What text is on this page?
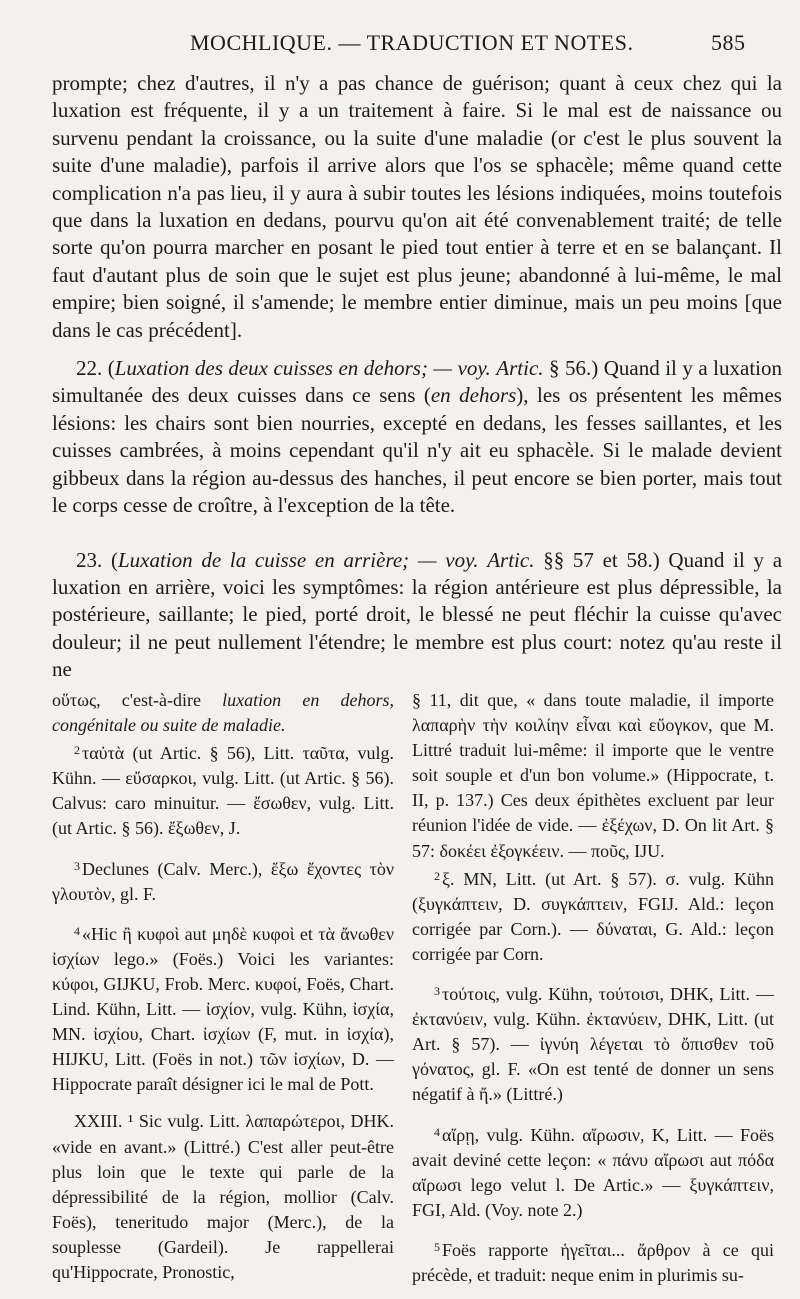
MOCHLIQUE. — TRADUCTION ET NOTES.	585

prompte; chez d'autres, il n'y a pas chance de guérison; quant à ceux chez qui la luxation est fréquente, il y a un traitement à faire. Si le mal est de naissance ou survenu pendant la croissance, ou la suite d'une maladie (or c'est le plus souvent la suite d'une maladie), parfois il arrive alors que l'os se sphacèle; même quand cette complication n'a pas lieu, il y aura à subir toutes les lésions indiquées, moins toutefois que dans la luxation en dedans, pourvu qu'on ait été convenablement traité; de telle sorte qu'on pourra marcher en posant le pied tout entier à terre et en se balançant. Il faut d'autant plus de soin que le sujet est plus jeune; abandonné à lui-même, le mal empire; bien soigné, il s'amende; le membre entier diminue, mais un peu moins [que dans le cas précédent].

22. (Luxation des deux cuisses en dehors; — voy. Artic. § 56.) Quand il y a luxation simultanée des deux cuisses dans ce sens (en dehors), les os présentent les mêmes lésions: les chairs sont bien nourries, excepté en dedans, les fesses saillantes, et les cuisses cambrées, à moins cependant qu'il n'y ait eu sphacèle. Si le malade devient gibbeux dans la région au-dessus des hanches, il peut encore se bien porter, mais tout le corps cesse de croître, à l'exception de la tête.

23. (Luxation de la cuisse en arrière; — voy. Artic. §§ 57 et 58.) Quand il y a luxation en arrière, voici les symptômes: la région antérieure est plus dépressible, la postérieure, saillante; le pied, porté droit, le blessé ne peut fléchir la cuisse qu'avec douleur; il ne peut nullement l'étendre; le membre est plus court: notez qu'au reste il ne

οὕτως, c'est-à-dire luxation en dehors, congénitale ou suite de maladie.

$^2$ ταὐτὰ (ut Artic. § 56), Litt. ταῦτα, vulg. Kühn. — εὔσαρκοι, vulg. Litt. (ut Artic. § 56). Calvus: caro minuitur. — ἔσωθεν, vulg. Litt. (ut Artic. § 56). ἔξωθεν, J.

$^3$ Declunes (Calv. Merc.), ἔξω ἔχοντες τὸν γλουτὸν, gl. F.

$^4$ «Hic ἢ κυφοὶ aut μηδὲ κυφοὶ et τὰ ἄνωθεν ἰσχίων lego.» (Foës.) Voici les variantes: κύφοι, GIJKU, Frob. Merc. κυφοί, Foës, Chart. Lind. Kühn, Litt. — ἰσχίον, vulg. Kühn, ἰσχία, MN. ἰσχίου, Chart. ἰσχίων (F, mut. in ἰσχία), HIJKU, Litt. (Foës in not.) τῶν ἰσχίων, D. — Hippocrate paraît désigner ici le mal de Pott.

XXIII. ¹ Sic vulg. Litt. λαπαρώτεροι, DHK. «vide en avant.» (Littré.) C'est aller peut-être plus loin que le texte qui parle de la dépressibilité de la région, mollior (Calv. Foës), teneritudo major (Merc.), de la souplesse (Gardeil). Je rappellerai qu'Hippocrate, Pronostic,

§ 11, dit que, « dans toute maladie, il importe λαπαρὴν τὴν κοιλίην εἶναι καὶ εὔογκον, que M. Littré traduit lui-même: il importe que le ventre soit souple et d'un bon volume.» (Hippocrate, t. II, p. 137.) Ces deux épithètes excluent par leur réunion l'idée de vide. — ἐξέχων, D. On lit Art. § 57: δοκέει ἐξογκέειν. — ποῦς, IJU.

$^2$ ξ. MN, Litt. (ut Art. § 57). σ. vulg. Kühn (ξυγκάπτειν, D. συγκάπτειν, FGIJ. Ald.: leçon corrigée par Corn.). — δύναται, G. Ald.: leçon corrigée par Corn.

$^3$ τούτοις, vulg. Kühn, τούτοισι, DHK, Litt. — ἐκτανύειν, vulg. Kühn. ἐκτανύειν, DHK, Litt. (ut Art. § 57). — ἰγνύη λέγεται τὸ ὄπισθεν τοῦ γόνατος, gl. F. «On est tenté de donner un sens négatif à ἤ.» (Littré.)

$^4$ αἴρῃ, vulg. Kühn. αἴρωσιν, K, Litt. — Foës avait deviné cette leçon: « πάνυ αἴρωσι aut πόδα αἴρωσι lego velut l. De Artic.» — ξυγκάπτειν, FGI, Ald. (Voy. note 2.)

$^5$ Foës rapporte ἡγεῖται... ἄρθρον à ce qui précède, et traduit: neque enim in plurimis su-
